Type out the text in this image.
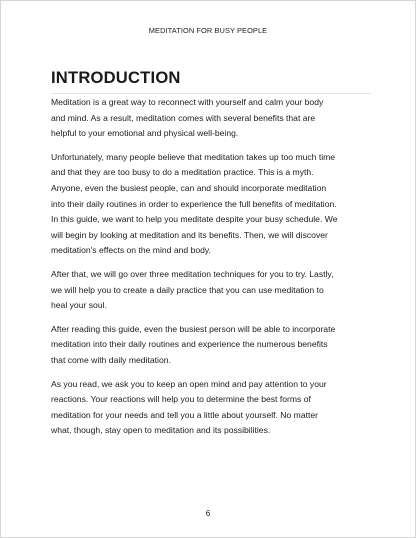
MEDITATION FOR BUSY PEOPLE
INTRODUCTION

Meditation is a great way to reconnect with yourself and calm your body
and mind. As a result, meditation comes with several benefits that are
helpful to your emotional and physical well-being.

Unfortunately, many people believe that meditation takes up too much time
and that they are too busy to do a meditation practice. This is a myth.
Anyone, even the busiest people, can and should incorporate meditation
into their daily routines in order to experience the full benefits of meditation.
In this guide, we want to help you meditate despite your busy schedule. We
will begin by looking at meditation and its benefits. Then, we will discover
meditation's effects on the mind and body.

After that, we will go over three meditation techniques for you to try. Lastly,
we will help you to create a daily practice that you can use meditation to
heal your soul.

After reading this guide, even the busiest person will be able to incorporate
meditation into their daily routines and experience the numerous benefits
that come with daily meditation.

As you read, we ask you to keep an open mind and pay attention to your
reactions. Your reactions will help you to determine the best forms of
meditation for your needs and tell you a little about yourself. No matter
what, though, stay open to meditation and its possibilities.

6
